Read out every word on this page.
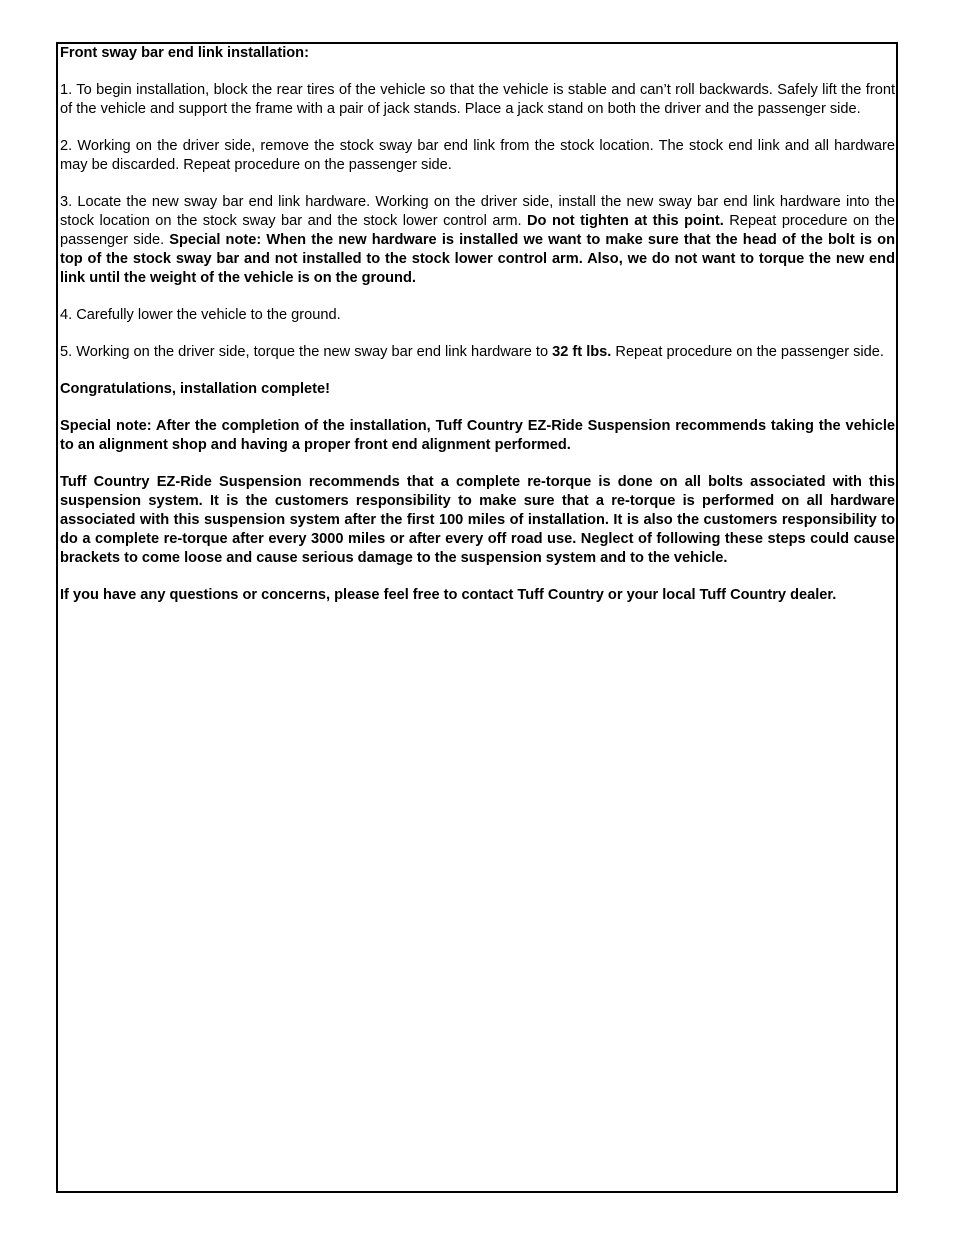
Front sway bar end link installation:

1. To begin installation, block the rear tires of the vehicle so that the vehicle is stable and can’t roll backwards. Safely lift the front of the vehicle and support the frame with a pair of jack stands. Place a jack stand on both the driver and the passenger side.

2. Working on the driver side, remove the stock sway bar end link from the stock location. The stock end link and all hardware may be discarded. Repeat procedure on the passenger side.

3. Locate the new sway bar end link hardware. Working on the driver side, install the new sway bar end link hardware into the stock location on the stock sway bar and the stock lower control arm. Do not tighten at this point. Repeat procedure on the passenger side. Special note: When the new hardware is installed we want to make sure that the head of the bolt is on top of the stock sway bar and not installed to the stock lower control arm. Also, we do not want to torque the new end link until the weight of the vehicle is on the ground.

4. Carefully lower the vehicle to the ground.

5. Working on the driver side, torque the new sway bar end link hardware to 32 ft lbs. Repeat procedure on the passenger side.

Congratulations, installation complete!

Special note: After the completion of the installation, Tuff Country EZ-Ride Suspension recommends taking the vehicle to an alignment shop and having a proper front end alignment performed.

Tuff Country EZ-Ride Suspension recommends that a complete re-torque is done on all bolts associated with this suspension system. It is the customers responsibility to make sure that a re-torque is performed on all hardware associated with this suspension system after the first 100 miles of installation. It is also the customers responsibility to do a complete re-torque after every 3000 miles or after every off road use. Neglect of following these steps could cause brackets to come loose and cause serious damage to the suspension system and to the vehicle.

If you have any questions or concerns, please feel free to contact Tuff Country or your local Tuff Country dealer.
